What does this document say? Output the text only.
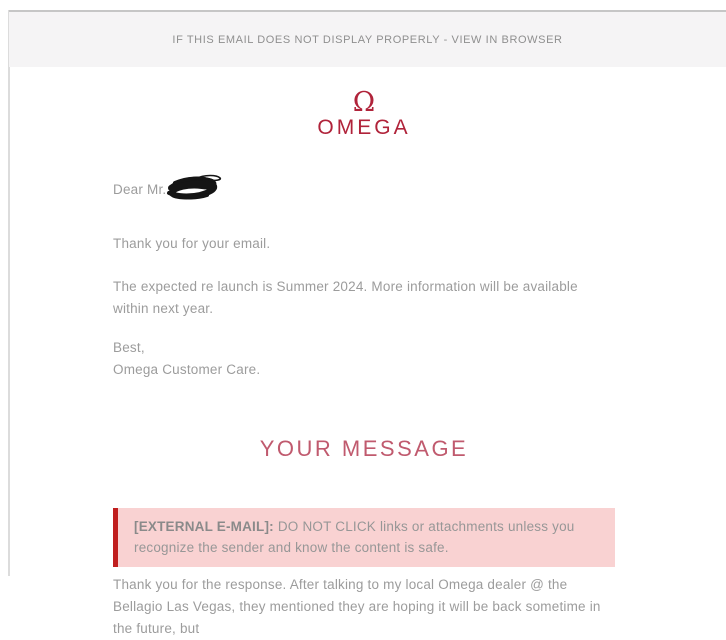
IF THIS EMAIL DOES NOT DISPLAY PROPERLY - VIEW IN BROWSER
Ω
OMEGA
Dear Mr.

Thank you for your email.

The expected re launch is Summer 2024. More information will be available within next year.

Best,
Omega Customer Care.

YOUR MESSAGE
[EXTERNAL E-MAIL]: DO NOT CLICK links or attachments unless you recognize the sender and know the content is safe.

Thank you for the response. After talking to my local Omega dealer @ the Bellagio Las Vegas, they mentioned they are hoping it will be back sometime in the future, but
